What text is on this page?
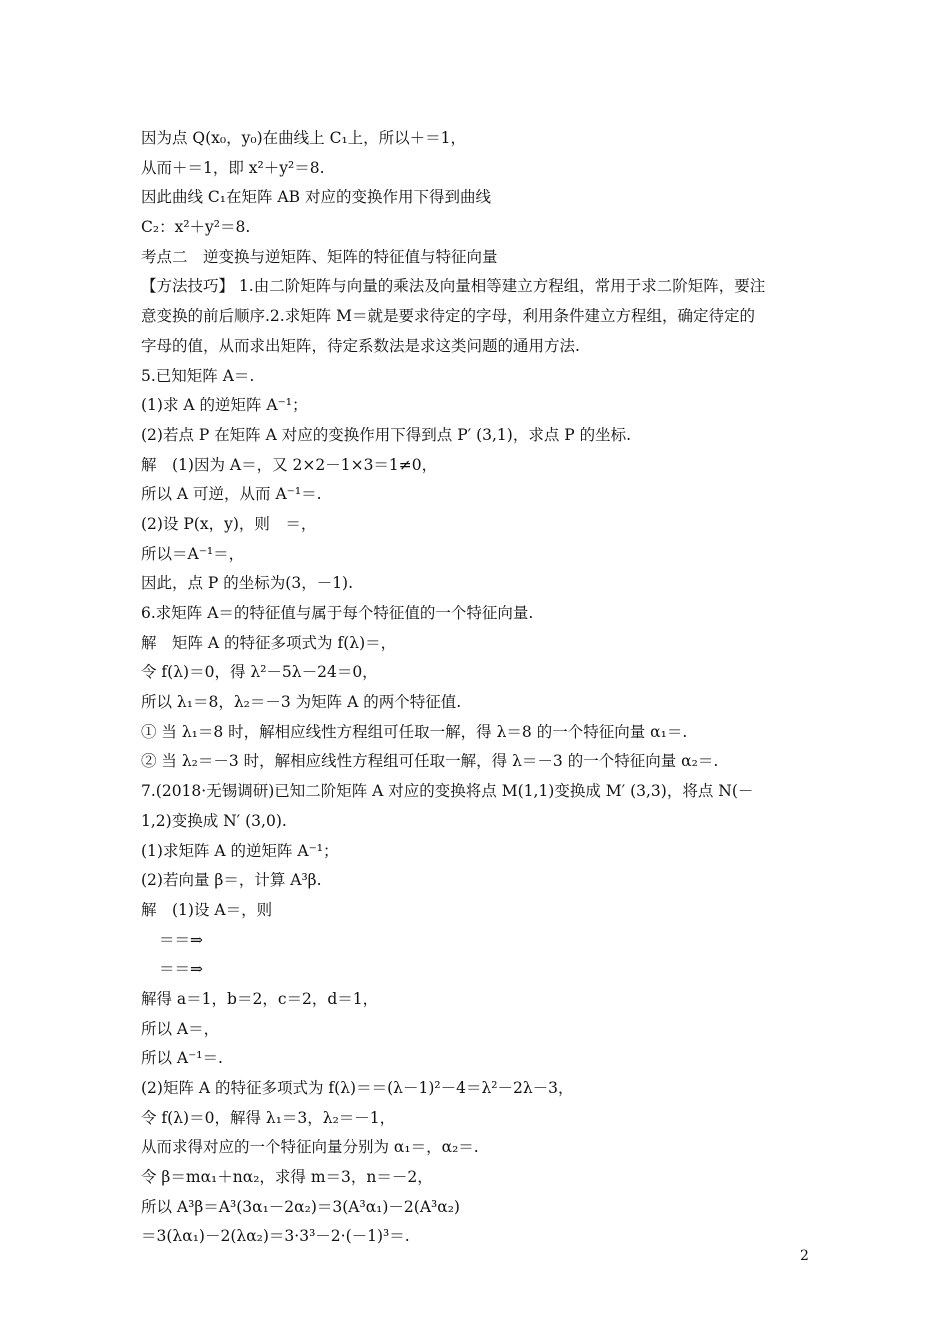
因为点 Q(x₀，y₀)在曲线上 C₁上，所以＋＝1，
从而＋＝1，即 x²＋y²＝8.
因此曲线 C₁在矩阵 AB 对应的变换作用下得到曲线
C₂：x²＋y²＝8.
考点二　逆变换与逆矩阵、矩阵的特征值与特征向量
【方法技巧】 1.由二阶矩阵与向量的乘法及向量相等建立方程组，常用于求二阶矩阵，要注
意变换的前后顺序.2.求矩阵 M＝就是要求待定的字母，利用条件建立方程组，确定待定的
字母的值，从而求出矩阵，待定系数法是求这类问题的通用方法.
5.已知矩阵 A＝.
(1)求 A 的逆矩阵 A⁻¹；
(2)若点 P 在矩阵 A 对应的变换作用下得到点 P′ (3,1)，求点 P 的坐标.
解　(1)因为 A＝，又 2×2－1×3＝1≠0，
所以 A 可逆，从而 A⁻¹＝.
(2)设 P(x，y)，则　＝，
所以＝A⁻¹＝，
因此，点 P 的坐标为(3，－1).
6.求矩阵 A＝的特征值与属于每个特征值的一个特征向量.
解　矩阵 A 的特征多项式为 f(λ)＝，
令 f(λ)＝0，得 λ²－5λ－24＝0，
所以 λ₁＝8，λ₂＝－3 为矩阵 A 的两个特征值.
① 当 λ₁＝8 时，解相应线性方程组可任取一解，得 λ＝8 的一个特征向量 α₁＝.
② 当 λ₂＝－3 时，解相应线性方程组可任取一解，得 λ＝－3 的一个特征向量 α₂＝.
7.(2018·无锡调研)已知二阶矩阵 A 对应的变换将点 M(1,1)变换成 M′ (3,3)，将点 N(－
1,2)变换成 N′ (3,0).
(1)求矩阵 A 的逆矩阵 A⁻¹；
(2)若向量 β＝，计算 A³β.
解　(1)设 A＝，则
＝＝⇒
＝＝⇒
解得 a＝1，b＝2，c＝2，d＝1，
所以 A＝，
所以 A⁻¹＝.
(2)矩阵 A 的特征多项式为 f(λ)＝＝(λ－1)²－4＝λ²－2λ－3，
令 f(λ)＝0，解得 λ₁＝3，λ₂＝－1，
从而求得对应的一个特征向量分别为 α₁＝，α₂＝.
令 β＝mα₁＋nα₂，求得 m＝3，n＝－2，
所以 A³β＝A³(3α₁－2α₂)＝3(A³α₁)－2(A³α₂)
＝3(λα₁)－2(λα₂)＝3·3³－2·(－1)³＝.
2
